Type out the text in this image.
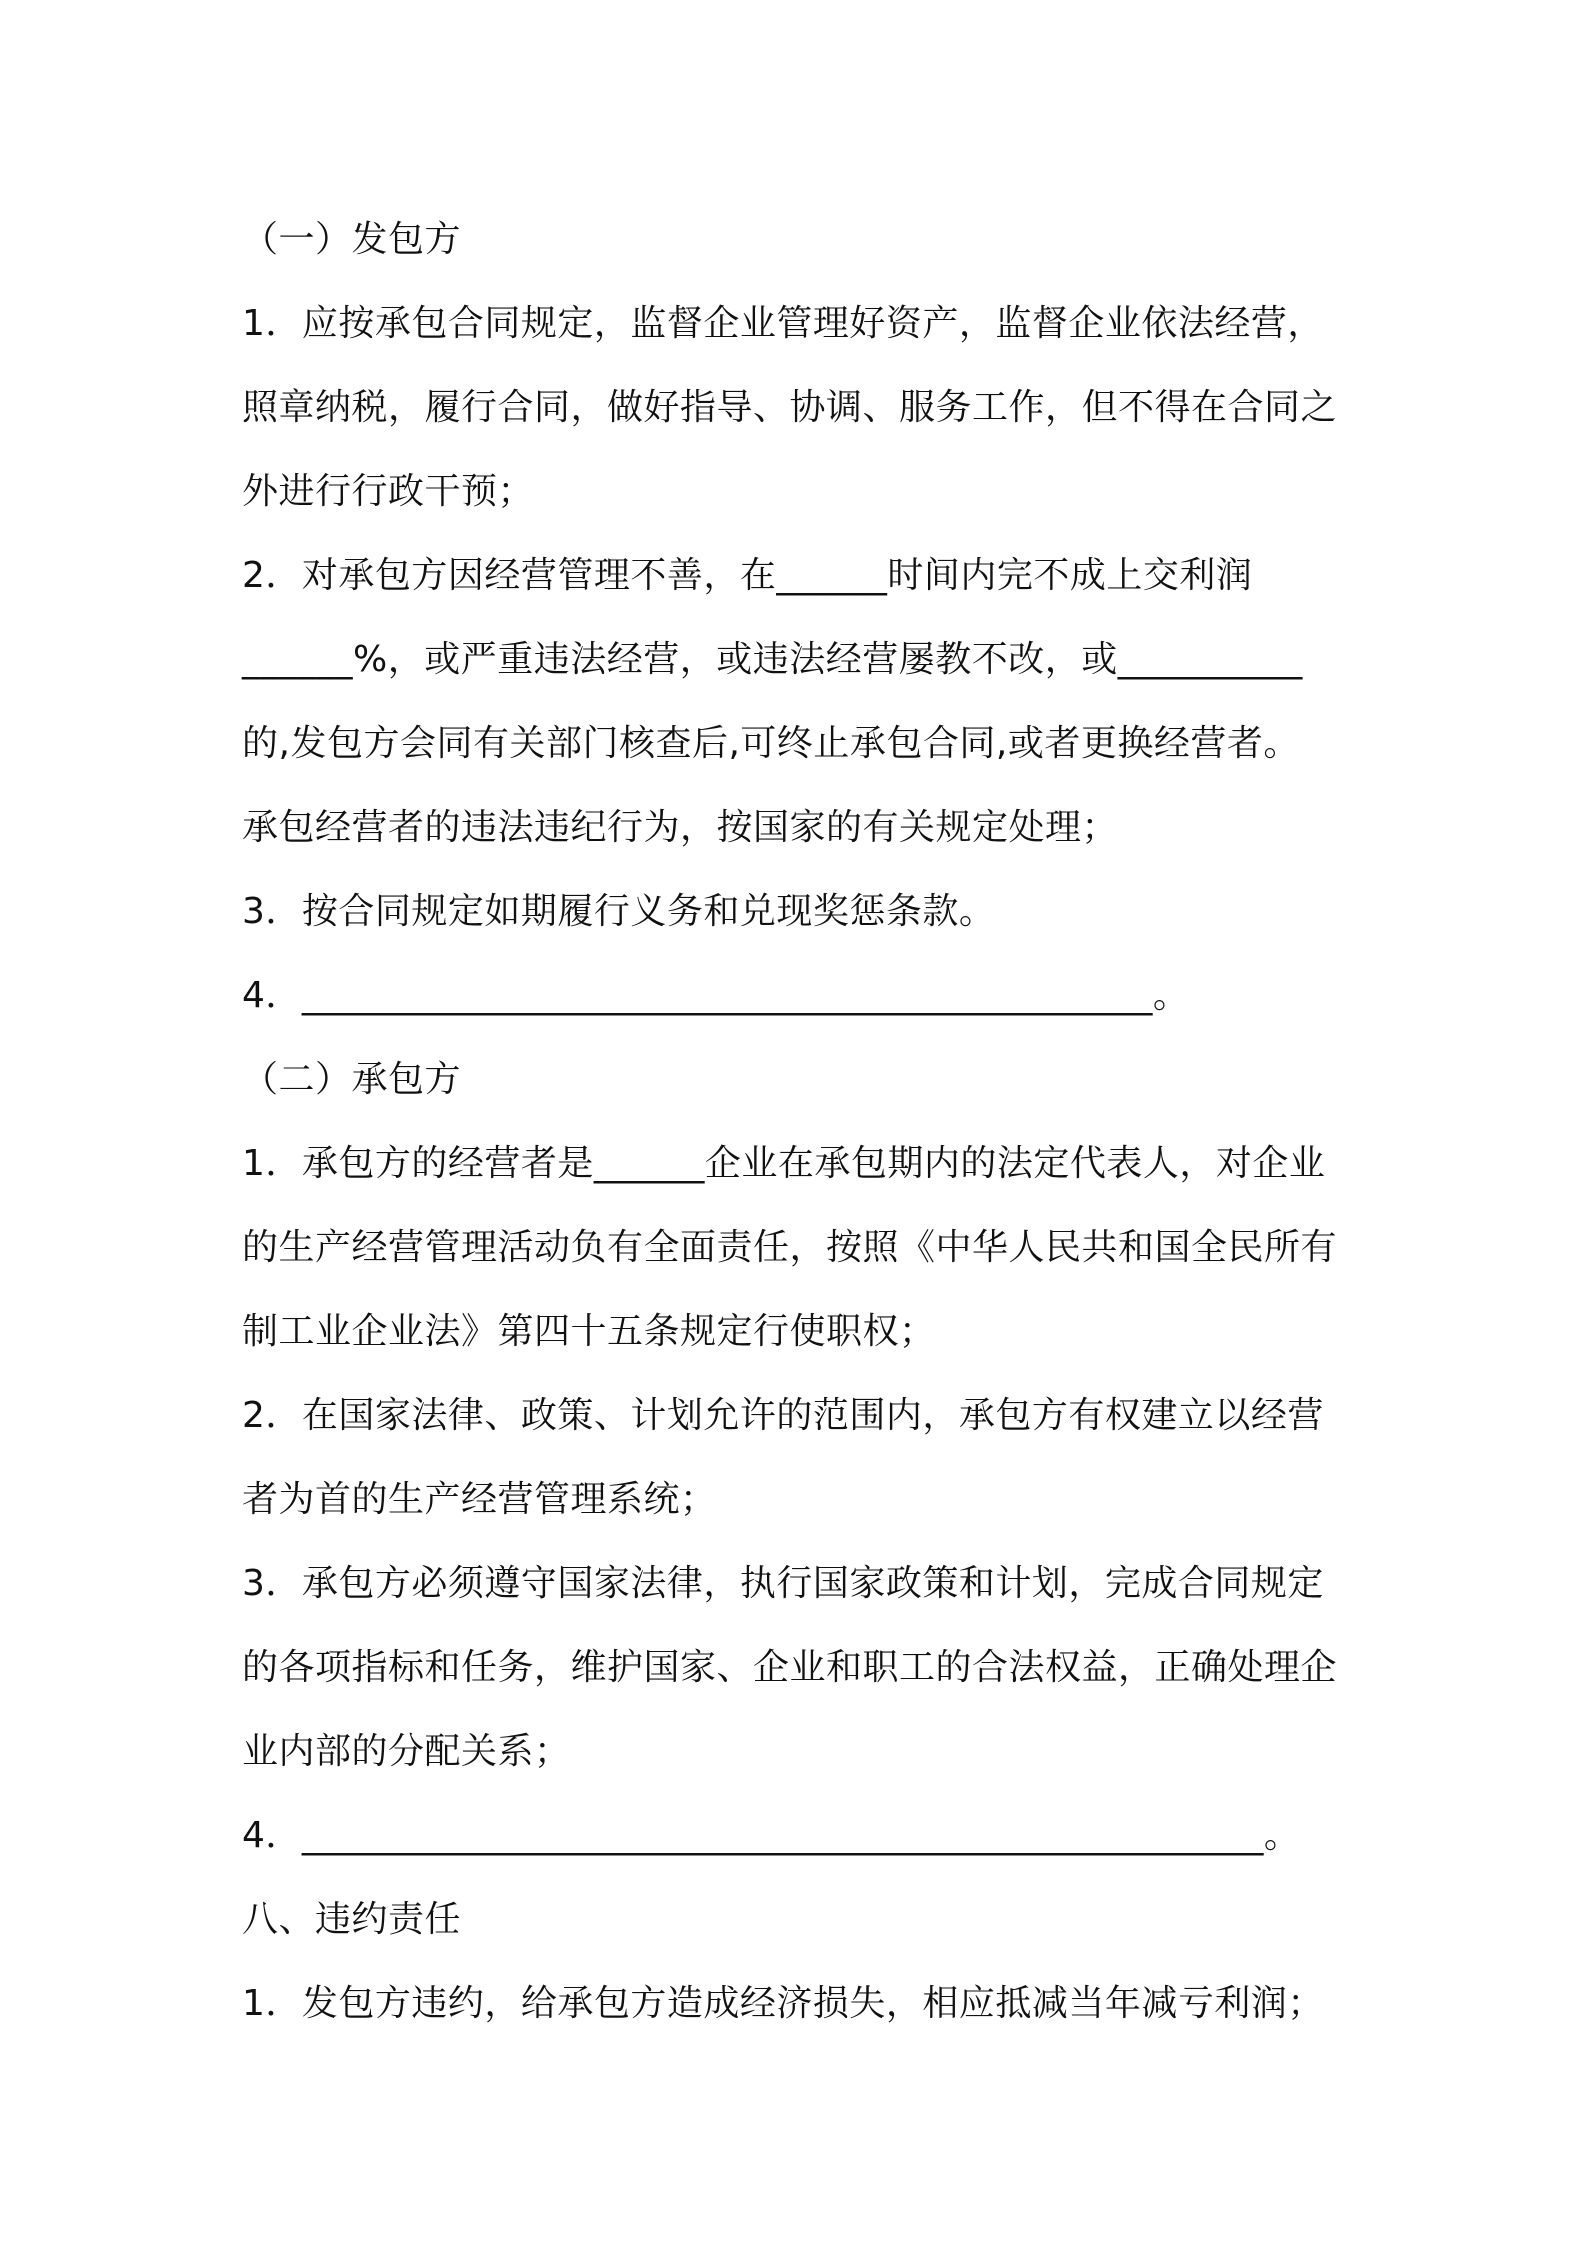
（一）发包方
1．应按承包合同规定，监督企业管理好资产，监督企业依法经营，
照章纳税，履行合同，做好指导、协调、服务工作，但不得在合同之
外进行行政干预；
2．对承包方因经营管理不善，在______时间内完不成上交利润
______%，或严重违法经营，或违法经营屡教不改，或__________
的,发包方会同有关部门核查后,可终止承包合同,或者更换经营者。
承包经营者的违法违纪行为，按国家的有关规定处理；
3．按合同规定如期履行义务和兑现奖惩条款。
4．______________________________________________。
（二）承包方
1．承包方的经营者是______企业在承包期内的法定代表人，对企业
的生产经营管理活动负有全面责任，按照《中华人民共和国全民所有
制工业企业法》第四十五条规定行使职权；
2．在国家法律、政策、计划允许的范围内，承包方有权建立以经营
者为首的生产经营管理系统；
3．承包方必须遵守国家法律，执行国家政策和计划，完成合同规定
的各项指标和任务，维护国家、企业和职工的合法权益，正确处理企
业内部的分配关系；
4．____________________________________________________。
八、违约责任
1．发包方违约，给承包方造成经济损失，相应抵减当年减亏利润；
